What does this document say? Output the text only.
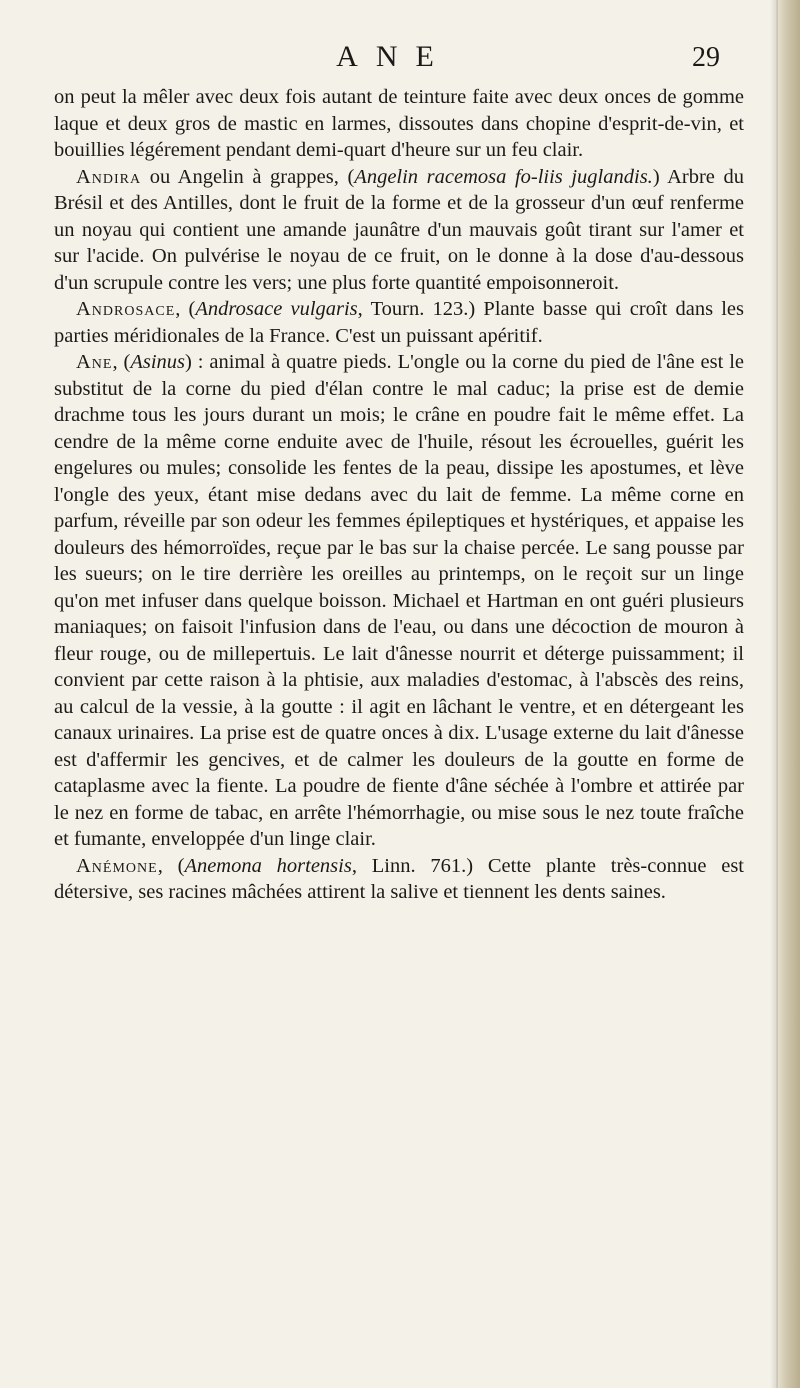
ANE	29

on peut la mêler avec deux fois autant de teinture faite avec deux onces de gomme laque et deux gros de mastic en larmes, dissoutes dans chopine d'esprit-de-vin, et bouillies légérement pendant demi-quart d'heure sur un feu clair.

Andira ou Angelin à grappes, (Angelin racemosa fo-liis juglandis.) Arbre du Brésil et des Antilles, dont le fruit de la forme et de la grosseur d'un œuf renferme un noyau qui contient une amande jaunâtre d'un mauvais goût tirant sur l'amer et sur l'acide. On pulvérise le noyau de ce fruit, on le donne à la dose d'au-dessous d'un scrupule contre les vers; une plus forte quantité empoisonneroit.

Androsace, (Androsace vulgaris, Tourn. 123.) Plante basse qui croît dans les parties méridionales de la France. C'est un puissant apéritif.

Ane, (Asinus) : animal à quatre pieds. L'ongle ou la corne du pied de l'âne est le substitut de la corne du pied d'élan contre le mal caduc; la prise est de demie drachme tous les jours durant un mois; le crâne en poudre fait le même effet. La cendre de la même corne enduite avec de l'huile, résout les écrouelles, guérit les engelures ou mules; consolide les fentes de la peau, dissipe les apostumes, et lève l'ongle des yeux, étant mise dedans avec du lait de femme. La même corne en parfum, réveille par son odeur les femmes épileptiques et hystériques, et appaise les douleurs des hémorroïdes, reçue par le bas sur la chaise percée. Le sang pousse par les sueurs; on le tire derrière les oreilles au printemps, on le reçoit sur un linge qu'on met infuser dans quelque boisson. Michael et Hartman en ont guéri plusieurs maniaques; on faisoit l'infusion dans de l'eau, ou dans une décoction de mouron à fleur rouge, ou de millepertuis. Le lait d'ânesse nourrit et déterge puissamment; il convient par cette raison à la phtisie, aux maladies d'estomac, à l'abscès des reins, au calcul de la vessie, à la goutte : il agit en lâchant le ventre, et en détergeant les canaux urinaires. La prise est de quatre onces à dix. L'usage externe du lait d'ânesse est d'affermir les gencives, et de calmer les douleurs de la goutte en forme de cataplasme avec la fiente. La poudre de fiente d'âne séchée à l'ombre et attirée par le nez en forme de tabac, en arrête l'hémorrhagie, ou mise sous le nez toute fraîche et fumante, enveloppée d'un linge clair.

Anémone, (Anemona hortensis, Linn. 761.) Cette plante très-connue est détersive, ses racines mâchées attirent la salive et tiennent les dents saines.
